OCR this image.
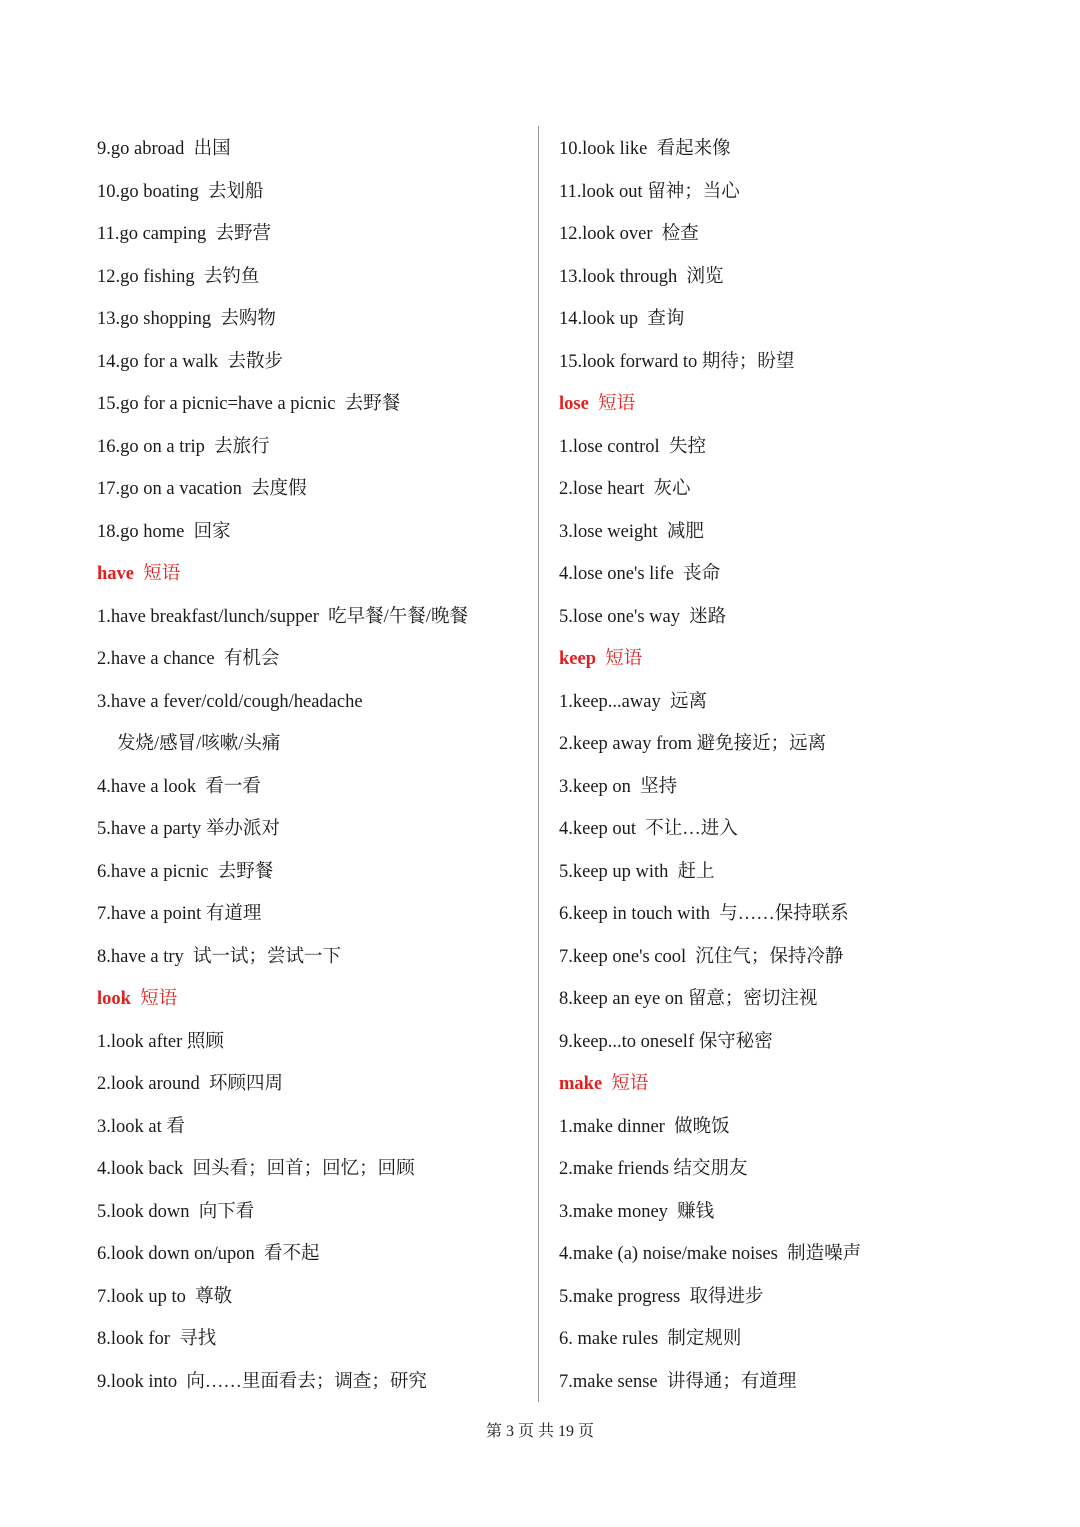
9.go abroad  出国
10.go boating  去划船
11.go camping  去野营
12.go fishing  去钓鱼
13.go shopping  去购物
14.go for a walk  去散步
15.go for a picnic=have a picnic  去野餐
16.go on a trip  去旅行
17.go on a vacation  去度假
18.go home  回家
have 短语
1.have breakfast/lunch/supper  吃早餐/午餐/晚餐
2.have a chance  有机会
3.have a fever/cold/cough/headache
发烧/感冒/咳嗽/头痛
4.have a look  看一看
5.have a party 举办派对
6.have a picnic  去野餐
7.have a point 有道理
8.have a try  试一试；尝试一下
look 短语
1.look after 照顾
2.look around  环顾四周
3.look at 看
4.look back  回头看；回首；回忆；回顾
5.look down  向下看
6.look down on/upon  看不起
7.look up to  尊敬
8.look for  寻找
9.look into  向……里面看去；调查；研究
10.look like  看起来像
11.look out 留神；当心
12.look over  检查
13.look through  浏览
14.look up  查询
15.look forward to 期待；盼望
lose 短语
1.lose control  失控
2.lose heart  灰心
3.lose weight  减肥
4.lose one's life  丧命
5.lose one's way  迷路
keep 短语
1.keep...away  远离
2.keep away from 避免接近；远离
3.keep on  坚持
4.keep out  不让…进入
5.keep up with  赶上
6.keep in touch with  与……保持联系
7.keep one's cool  沉住气；保持冷静
8.keep an eye on 留意；密切注视
9.keep...to oneself 保守秘密
make 短语
1.make dinner  做晚饭
2.make friends 结交朋友
3.make money  赚钱
4.make (a) noise/make noises  制造噪声
5.make progress  取得进步
6. make rules  制定规则
7.make sense  讲得通；有道理
第 3 页 共 19 页
